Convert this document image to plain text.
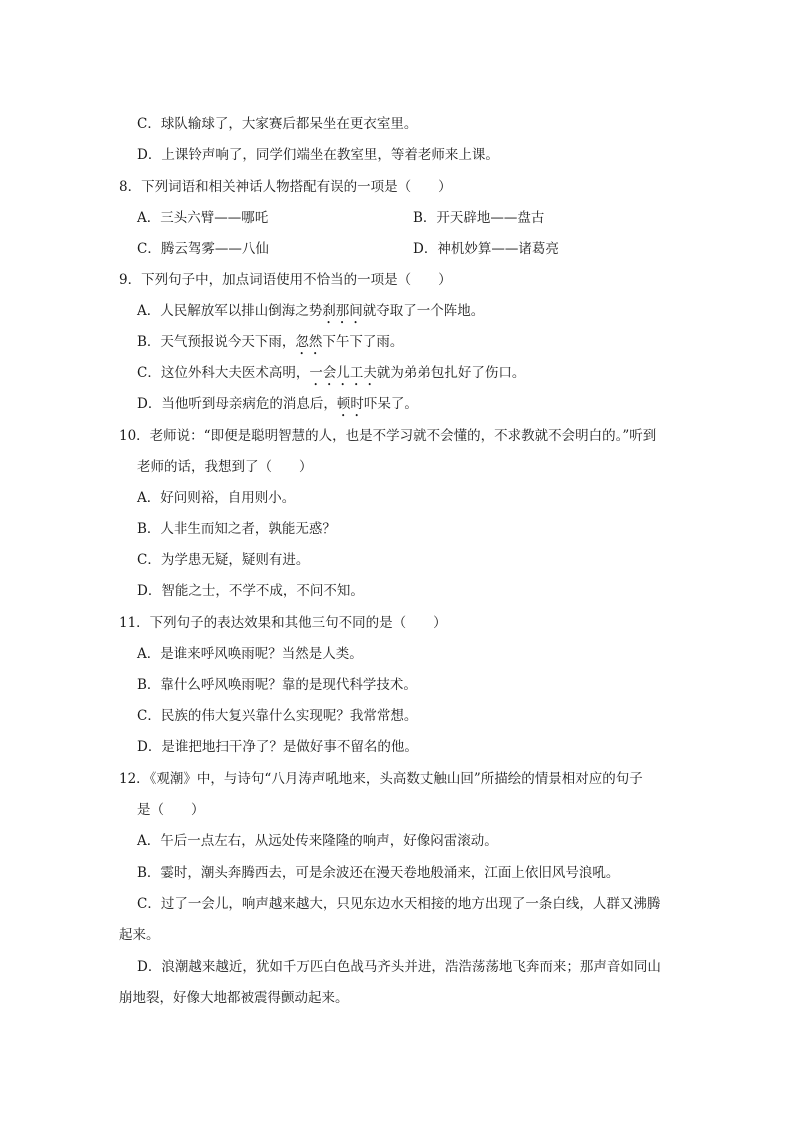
C．球队输球了，大家赛后都呆坐在更衣室里。
D．上课铃声响了，同学们端坐在教室里，等着老师来上课。
8．下列词语和相关神话人物搭配有误的一项是（　　）
A．三头六臂——哪吒	B．开天辟地——盘古
C．腾云驾雾——八仙	D．神机妙算——诸葛亮
9．下列句子中，加点词语使用不恰当的一项是（　　）
A．人民解放军以排山倒海之势刹那间就夺取了一个阵地。
B．天气预报说今天下雨，忽然下午下了雨。
C．这位外科大夫医术高明，一会儿工夫就为弟弟包扎好了伤口。
D．当他听到母亲病危的消息后，顿时吓呆了。
10．老师说：“即便是聪明智慧的人，也是不学习就不会懂的，不求教就不会明白的。”听到
老师的话，我想到了（　　）
A．好问则裕，自用则小。
B．人非生而知之者，孰能无惑？
C．为学患无疑，疑则有进。
D．智能之士，不学不成，不问不知。
11．下列句子的表达效果和其他三句不同的是（　　）
A．是谁来呼风唤雨呢？当然是人类。
B．靠什么呼风唤雨呢？靠的是现代科学技术。
C．民族的伟大复兴靠什么实现呢？我常常想。
D．是谁把地扫干净了？是做好事不留名的他。
12．《观潮》中，与诗句“八月涛声吼地来，头高数丈触山回”所描绘的情景相对应的句子
是（　　）
A．午后一点左右，从远处传来隆隆的响声，好像闷雷滚动。
B．霎时，潮头奔腾西去，可是余波还在漫天卷地般涌来，江面上依旧风号浪吼。
C．过了一会儿，响声越来越大，只见东边水天相接的地方出现了一条白线，人群又沸腾
起来。
D．浪潮越来越近，犹如千万匹白色战马齐头并进，浩浩荡荡地飞奔而来；那声音如同山
崩地裂，好像大地都被震得颤动起来。
